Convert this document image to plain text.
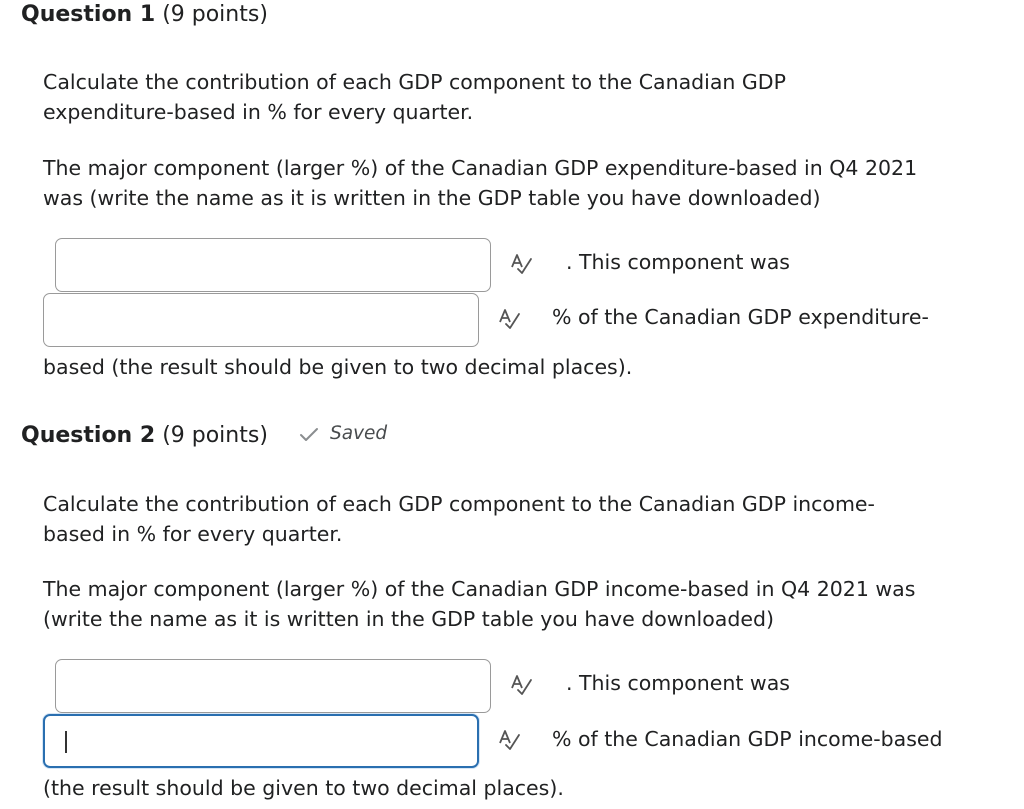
Question 1 (9 points)
Calculate the contribution of each GDP component to the Canadian GDP
expenditure-based in % for every quarter.
The major component (larger %) of the Canadian GDP expenditure-based in Q4 2021
was (write the name as it is written in the GDP table you have downloaded)
. This component was
% of the Canadian GDP expenditure-
based (the result should be given to two decimal places).
Question 2 (9 points)	Saved
Calculate the contribution of each GDP component to the Canadian GDP income-
based in % for every quarter.
The major component (larger %) of the Canadian GDP income-based in Q4 2021 was
(write the name as it is written in the GDP table you have downloaded)
. This component was
% of the Canadian GDP income-based
(the result should be given to two decimal places).
